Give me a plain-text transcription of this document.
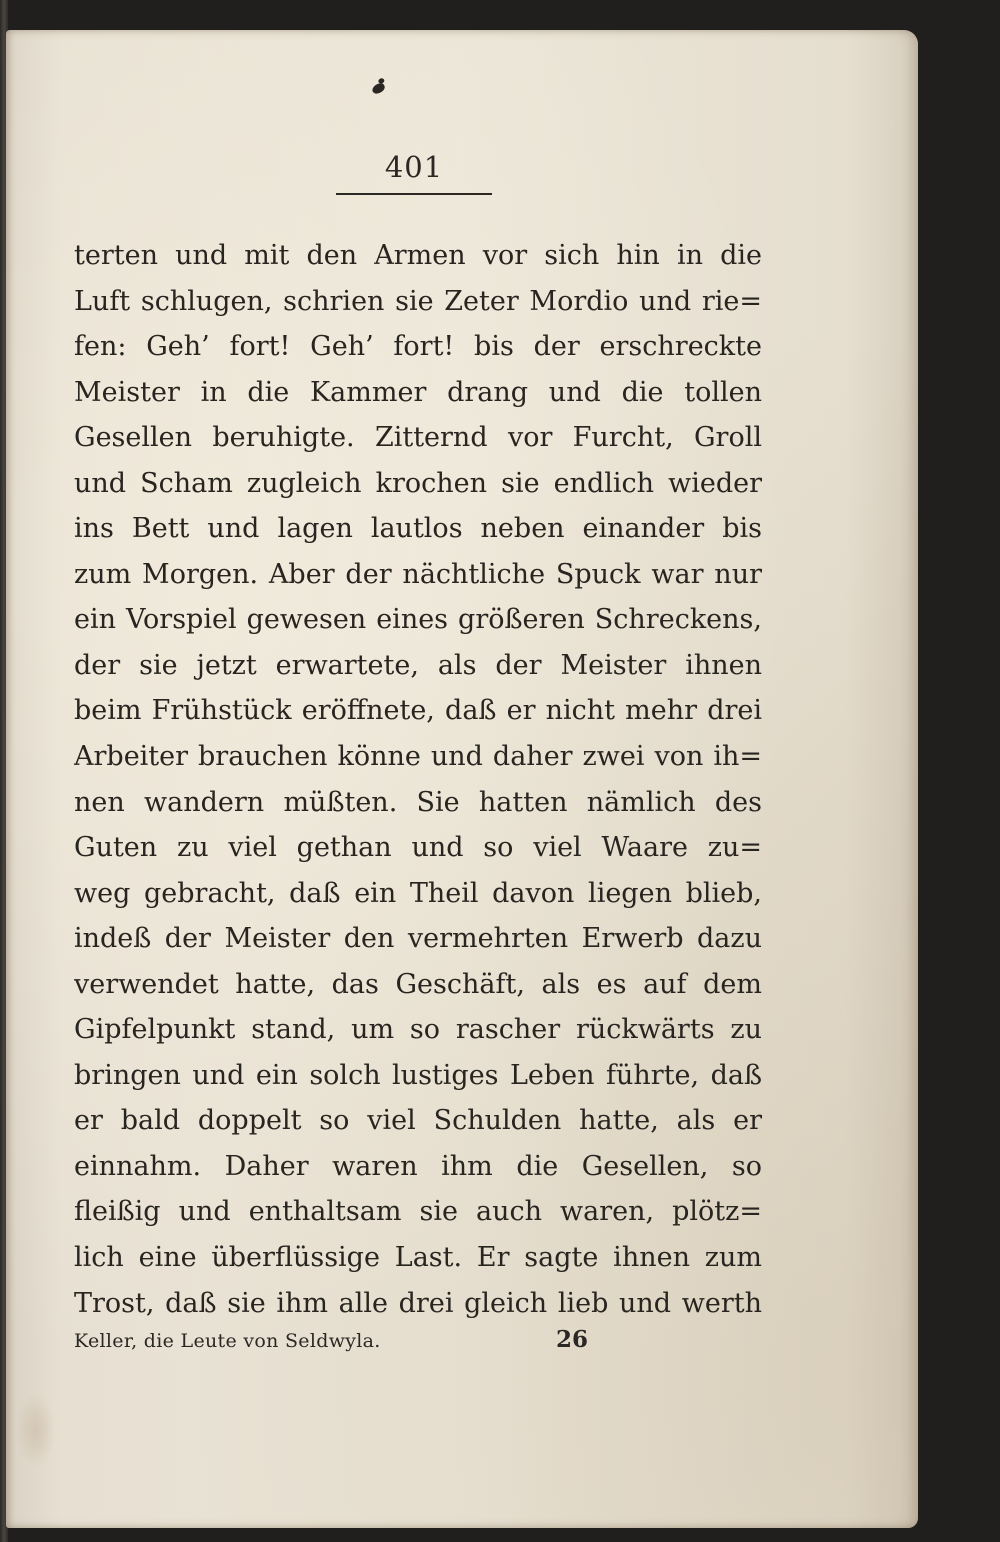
401
terten und mit den Armen vor sich hin in die
Luft schlugen, schrien sie Zeter Mordio und rie=
fen: Geh’ fort! Geh’ fort! bis der erschreckte
Meister in die Kammer drang und die tollen
Gesellen beruhigte. Zitternd vor Furcht, Groll
und Scham zugleich krochen sie endlich wieder
ins Bett und lagen lautlos neben einander bis
zum Morgen. Aber der nächtliche Spuck war nur
ein Vorspiel gewesen eines größeren Schreckens,
der sie jetzt erwartete, als der Meister ihnen
beim Frühstück eröffnete, daß er nicht mehr drei
Arbeiter brauchen könne und daher zwei von ih=
nen wandern müßten. Sie hatten nämlich des
Guten zu viel gethan und so viel Waare zu=
weg gebracht, daß ein Theil davon liegen blieb,
indeß der Meister den vermehrten Erwerb dazu
verwendet hatte, das Geschäft, als es auf dem
Gipfelpunkt stand, um so rascher rückwärts zu
bringen und ein solch lustiges Leben führte, daß
er bald doppelt so viel Schulden hatte, als er
einnahm. Daher waren ihm die Gesellen, so
fleißig und enthaltsam sie auch waren, plötz=
lich eine überflüssige Last. Er sagte ihnen zum
Trost, daß sie ihm alle drei gleich lieb und werth
Keller, die Leute von Seldwyla.	26
